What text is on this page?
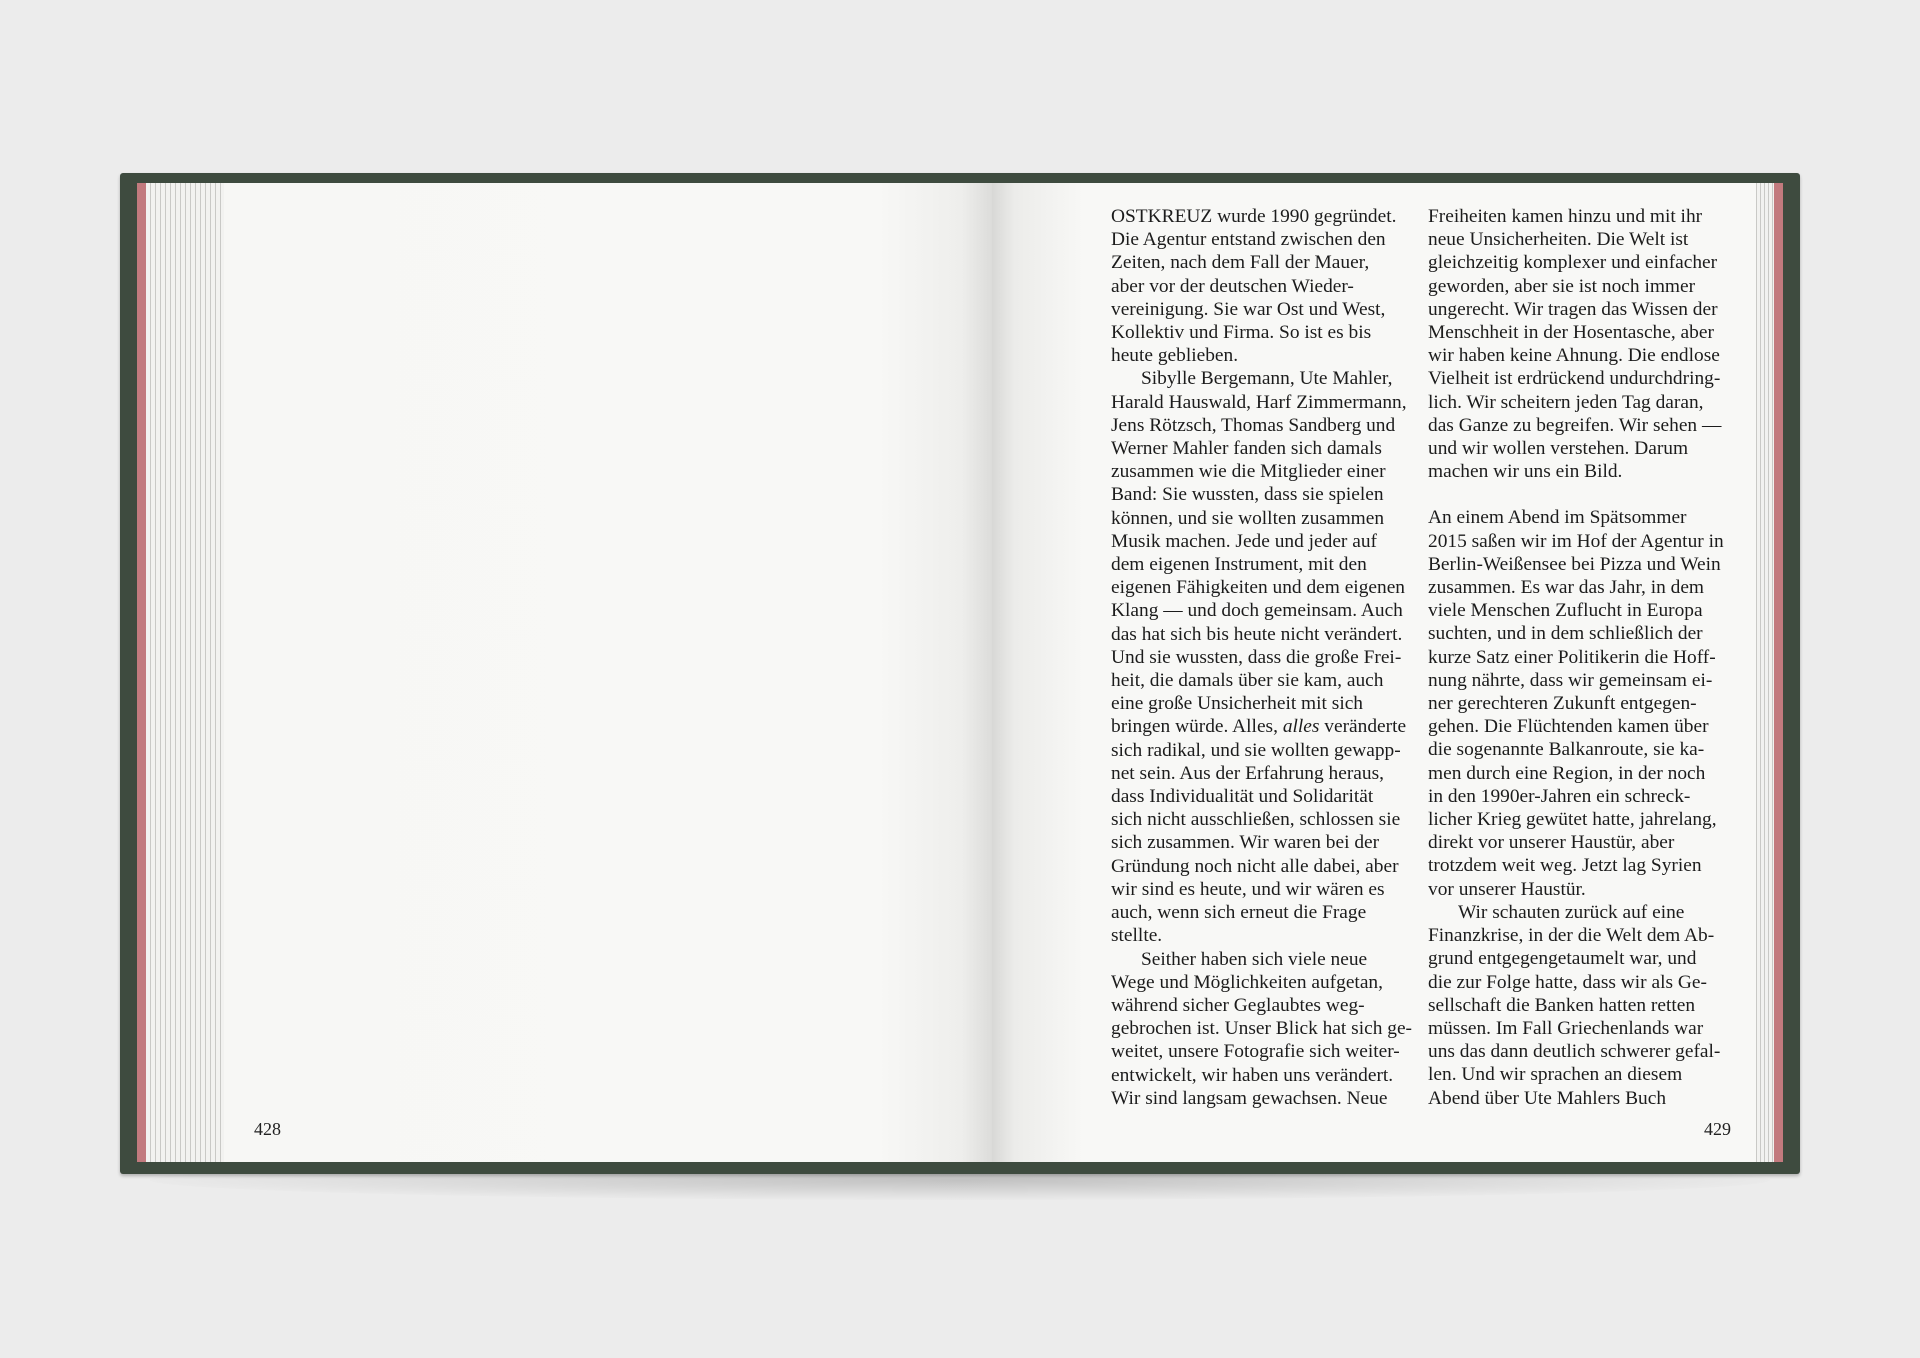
428	429

OSTKREUZ wurde 1990 gegründet.
Die Agentur entstand zwischen den
Zeiten, nach dem Fall der Mauer,
aber vor der deutschen Wieder-
vereinigung. Sie war Ost und West,
Kollektiv und Firma. So ist es bis
heute geblieben.

Sibylle Bergemann, Ute Mahler,
Harald Hauswald, Harf Zimmermann,
Jens Rötzsch, Thomas Sandberg und
Werner Mahler fanden sich damals
zusammen wie die Mitglieder einer
Band: Sie wussten, dass sie spielen
können, und sie wollten zusammen
Musik machen. Jede und jeder auf
dem eigenen Instrument, mit den
eigenen Fähigkeiten und dem eigenen
Klang — und doch gemeinsam. Auch
das hat sich bis heute nicht verändert.
Und sie wussten, dass die große Frei-
heit, die damals über sie kam, auch
eine große Unsicherheit mit sich
bringen würde. Alles, alles veränderte
sich radikal, und sie wollten gewapp-
net sein. Aus der Erfahrung heraus,
dass Individualität und Solidarität
sich nicht ausschließen, schlossen sie
sich zusammen. Wir waren bei der
Gründung noch nicht alle dabei, aber
wir sind es heute, und wir wären es
auch, wenn sich erneut die Frage
stellte.

Seither haben sich viele neue
Wege und Möglichkeiten aufgetan,
während sicher Geglaubtes weg-
gebrochen ist. Unser Blick hat sich ge-
weitet, unsere Fotografie sich weiter-
entwickelt, wir haben uns verändert.
Wir sind langsam gewachsen. Neue

Freiheiten kamen hinzu und mit ihr
neue Unsicherheiten. Die Welt ist
gleichzeitig komplexer und einfacher
geworden, aber sie ist noch immer
ungerecht. Wir tragen das Wissen der
Menschheit in der Hosentasche, aber
wir haben keine Ahnung. Die endlose
Vielheit ist erdrückend undurchdring-
lich. Wir scheitern jeden Tag daran,
das Ganze zu begreifen. Wir sehen —
und wir wollen verstehen. Darum
machen wir uns ein Bild.

An einem Abend im Spätsommer
2015 saßen wir im Hof der Agentur in
Berlin-Weißensee bei Pizza und Wein
zusammen. Es war das Jahr, in dem
viele Menschen Zuflucht in Europa
suchten, und in dem schließlich der
kurze Satz einer Politikerin die Hoff-
nung nährte, dass wir gemeinsam ei-
ner gerechteren Zukunft entgegen-
gehen. Die Flüchtenden kamen über
die sogenannte Balkanroute, sie ka-
men durch eine Region, in der noch
in den 1990er-Jahren ein schreck-
licher Krieg gewütet hatte, jahrelang,
direkt vor unserer Haustür, aber
trotzdem weit weg. Jetzt lag Syrien
vor unserer Haustür.

Wir schauten zurück auf eine
Finanzkrise, in der die Welt dem Ab-
grund entgegengetaumelt war, und
die zur Folge hatte, dass wir als Ge-
sellschaft die Banken hatten retten
müssen. Im Fall Griechenlands war
uns das dann deutlich schwerer gefal-
len. Und wir sprachen an diesem
Abend über Ute Mahlers Buch
